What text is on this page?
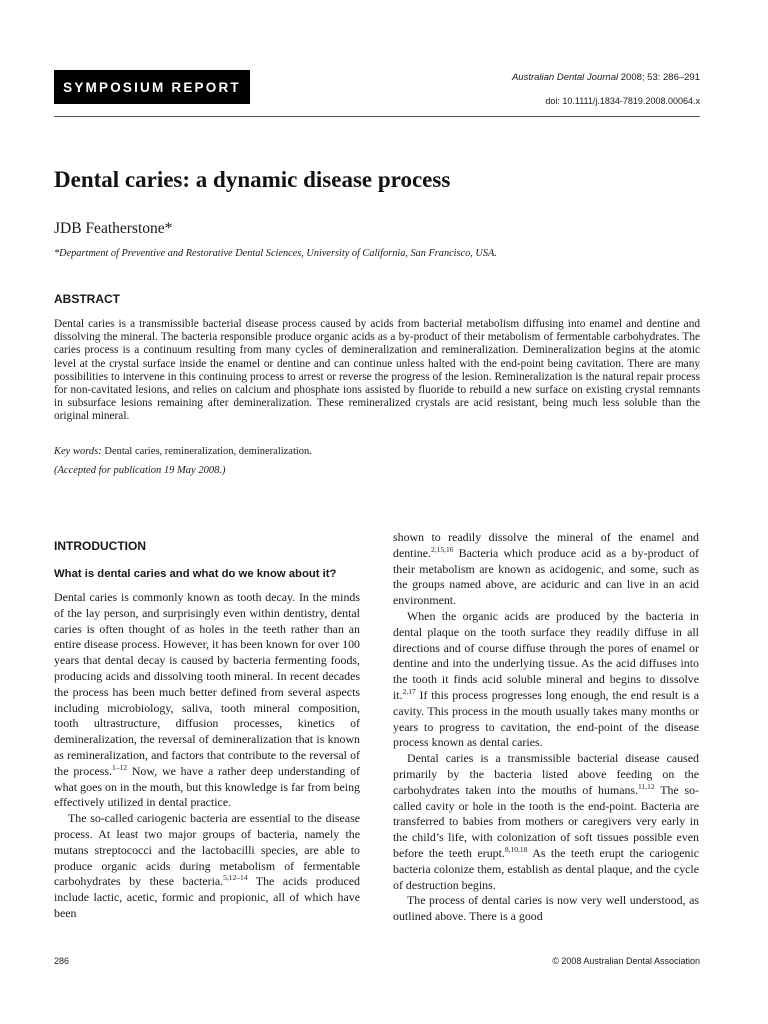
SYMPOSIUM REPORT
Australian Dental Journal 2008; 53: 286–291
doi: 10.1111/j.1834-7819.2008.00064.x
Dental caries: a dynamic disease process
JDB Featherstone*
*Department of Preventive and Restorative Dental Sciences, University of California, San Francisco, USA.
ABSTRACT

Dental caries is a transmissible bacterial disease process caused by acids from bacterial metabolism diffusing into enamel and dentine and dissolving the mineral. The bacteria responsible produce organic acids as a by-product of their metabolism of fermentable carbohydrates. The caries process is a continuum resulting from many cycles of demineralization and remineralization. Demineralization begins at the atomic level at the crystal surface inside the enamel or dentine and can continue unless halted with the end-point being cavitation. There are many possibilities to intervene in this continuing process to arrest or reverse the progress of the lesion. Remineralization is the natural repair process for non-cavitated lesions, and relies on calcium and phosphate ions assisted by fluoride to rebuild a new surface on existing crystal remnants in subsurface lesions remaining after demineralization. These remineralized crystals are acid resistant, being much less soluble than the original mineral.

Key words: Dental caries, remineralization, demineralization.
(Accepted for publication 19 May 2008.)
INTRODUCTION
What is dental caries and what do we know about it?

Dental caries is commonly known as tooth decay. In the minds of the lay person, and surprisingly even within dentistry, dental caries is often thought of as holes in the teeth rather than an entire disease process. However, it has been known for over 100 years that dental decay is caused by bacteria fermenting foods, producing acids and dissolving tooth mineral. In recent decades the process has been much better defined from several aspects including microbiology, saliva, tooth mineral composition, tooth ultrastructure, diffusion processes, kinetics of demineralization, the reversal of demineralization that is known as remineralization, and factors that contribute to the reversal of the process.$^{1-12}$ Now, we have a rather deep understanding of what goes on in the mouth, but this knowledge is far from being effectively utilized in dental practice.

The so-called cariogenic bacteria are essential to the disease process. At least two major groups of bacteria, namely the mutans streptococci and the lactobacilli species, are able to produce organic acids during metabolism of fermentable carbohydrates by these bacteria.$^{5,12-14}$ The acids produced include lactic, acetic, formic and propionic, all of which have been

shown to readily dissolve the mineral of the enamel and dentine.$^{2,15,16}$ Bacteria which produce acid as a by-product of their metabolism are known as acidogenic, and some, such as the groups named above, are aciduric and can live in an acid environment.

When the organic acids are produced by the bacteria in dental plaque on the tooth surface they readily diffuse in all directions and of course diffuse through the pores of enamel or dentine and into the underlying tissue. As the acid diffuses into the tooth it finds acid soluble mineral and begins to dissolve it.$^{2,17}$ If this process progresses long enough, the end result is a cavity. This process in the mouth usually takes many months or years to progress to cavitation, the end-point of the disease process known as dental caries.

Dental caries is a transmissible bacterial disease caused primarily by the bacteria listed above feeding on the carbohydrates taken into the mouths of humans.$^{11,12}$ The so-called cavity or hole in the tooth is the end-point. Bacteria are transferred to babies from mothers or caregivers very early in the child’s life, with colonization of soft tissues possible even before the teeth erupt.$^{8,10,18}$ As the teeth erupt the cariogenic bacteria colonize them, establish as dental plaque, and the cycle of destruction begins.

The process of dental caries is now very well understood, as outlined above. There is a good

286	© 2008 Australian Dental Association
